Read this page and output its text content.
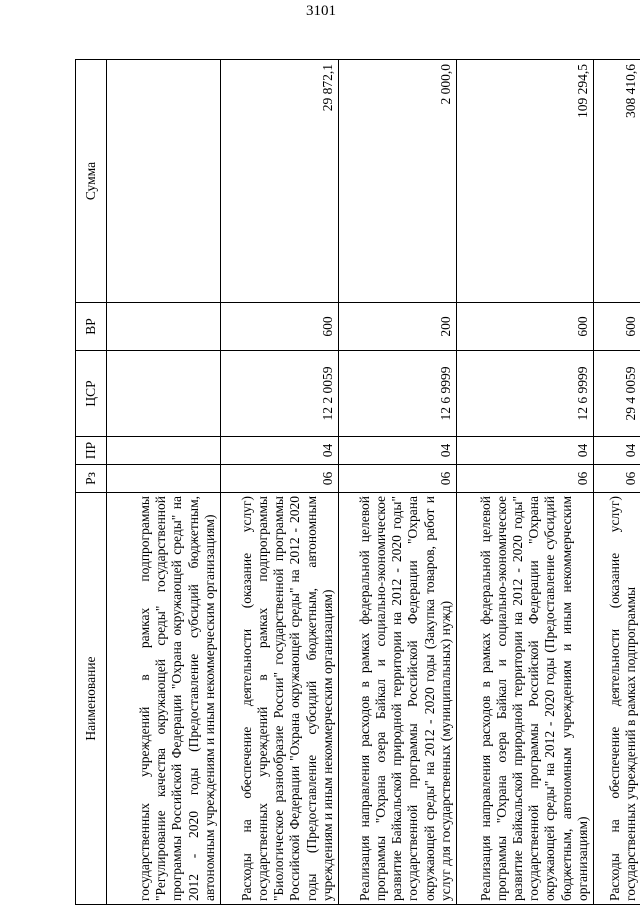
3101
Наименование	Рз	ПР	ЦСР	ВР	Сумма
государственных учреждений в рамках подпрограммы "Регулирование качества окружающей среды" государственной программы Российской Федерации "Охрана окружающей среды" на 2012 - 2020 годы (Предоставление субсидий бюджетным, автономным учреждениям и иным некоммерческим организациям)					
Расходы на обеспечение деятельности (оказание услуг) государственных учреждений в рамках подпрограммы "Биологическое разнообразие России" государственной программы Российской Федерации "Охрана окружающей среды" на 2012 - 2020 годы (Предоставление субсидий бюджетным, автономным учреждениям и иным некоммерческим организациям)	06	04	12 2 0059	600	29 872,1
Реализация направления расходов в рамках федеральной целевой программы "Охрана озера Байкал и социально-экономическое развитие Байкальской природной территории на 2012 - 2020 годы" государственной программы Российской Федерации "Охрана окружающей среды" на 2012 - 2020 годы (Закупка товаров, работ и услуг для государственных (муниципальных) нужд)	06	04	12 6 9999	200	2 000,0
Реализация направления расходов в рамках федеральной целевой программы "Охрана озера Байкал и социально-экономическое развитие Байкальской природной территории на 2012 - 2020 годы" государственной программы Российской Федерации "Охрана окружающей среды" на 2012 - 2020 годы (Предоставление субсидий бюджетным, автономным учреждениям и иным некоммерческим организациям)	06	04	12 6 9999	600	109 294,5
Расходы на обеспечение деятельности (оказание услуг) государственных учреждений в рамках подпрограммы	06	04	29 4 0059	600	308 410,6
